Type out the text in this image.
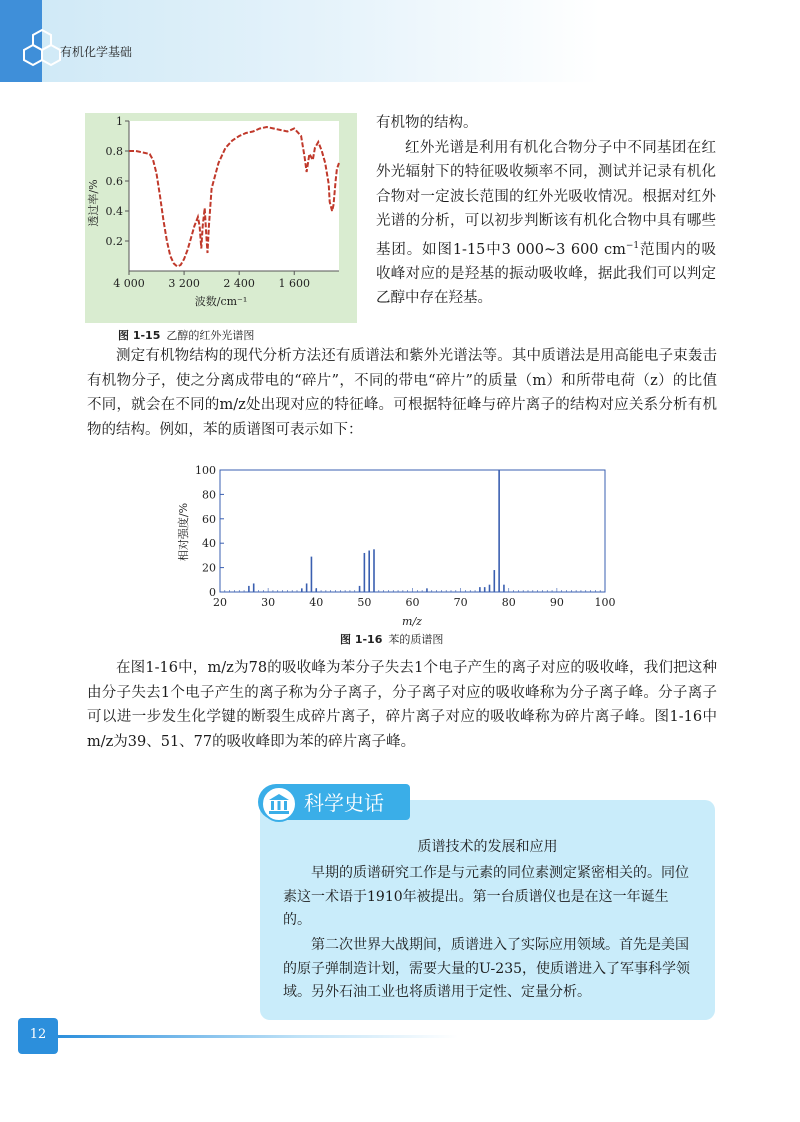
有机化学基础
0.2
0.4
0.6
0.8
1
4 000 3 200 2 400 1 600
透过率/%
波数/cm⁻¹
图 1-15 乙醇的红外光谱图

有机物的结构。

红外光谱是利用有机化合物分子中不同基团在红外光辐射下的特征吸收频率不同，测试并记录有机化合物对一定波长范围的红外光吸收情况。根据对红外光谱的分析，可以初步判断该有机化合物中具有哪些基团。如图1-15中3 000~3 600 $cm^{-1}$范围内的吸收峰对应的是羟基的振动吸收峰，据此我们可以判定乙醇中存在羟基。

测定有机物结构的现代分析方法还有质谱法和紫外光谱法等。其中质谱法是用高能电子束轰击有机物分子，使之分离成带电的“碎片”，不同的带电“碎片”的质量（m）和所带电荷（z）的比值不同，就会在不同的m/z处出现对应的特征峰。可根据特征峰与碎片离子的结构对应关系分析有机物的结构。例如，苯的质谱图可表示如下：

0
20
40
60
80
100
20	30	40	50	60	70	80	90	100
相对强度/%
m/z
图 1-16 苯的质谱图

在图1-16中，m/z为78的吸收峰为苯分子失去1个电子产生的离子对应的吸收峰，我们把这种由分子失去1个电子产生的离子称为分子离子，分子离子对应的吸收峰称为分子离子峰。分子离子可以进一步发生化学键的断裂生成碎片离子，碎片离子对应的吸收峰称为碎片离子峰。图1-16中m/z为39、51、77的吸收峰即为苯的碎片离子峰。

科学史话
质谱技术的发展和应用

早期的质谱研究工作是与元素的同位素测定紧密相关的。同位素这一术语于1910年被提出。第一台质谱仪也是在这一年诞生的。

第二次世界大战期间，质谱进入了实际应用领域。首先是美国的原子弹制造计划，需要大量的U-235，使质谱进入了军事科学领域。另外石油工业也将质谱用于定性、定量分析。

12
